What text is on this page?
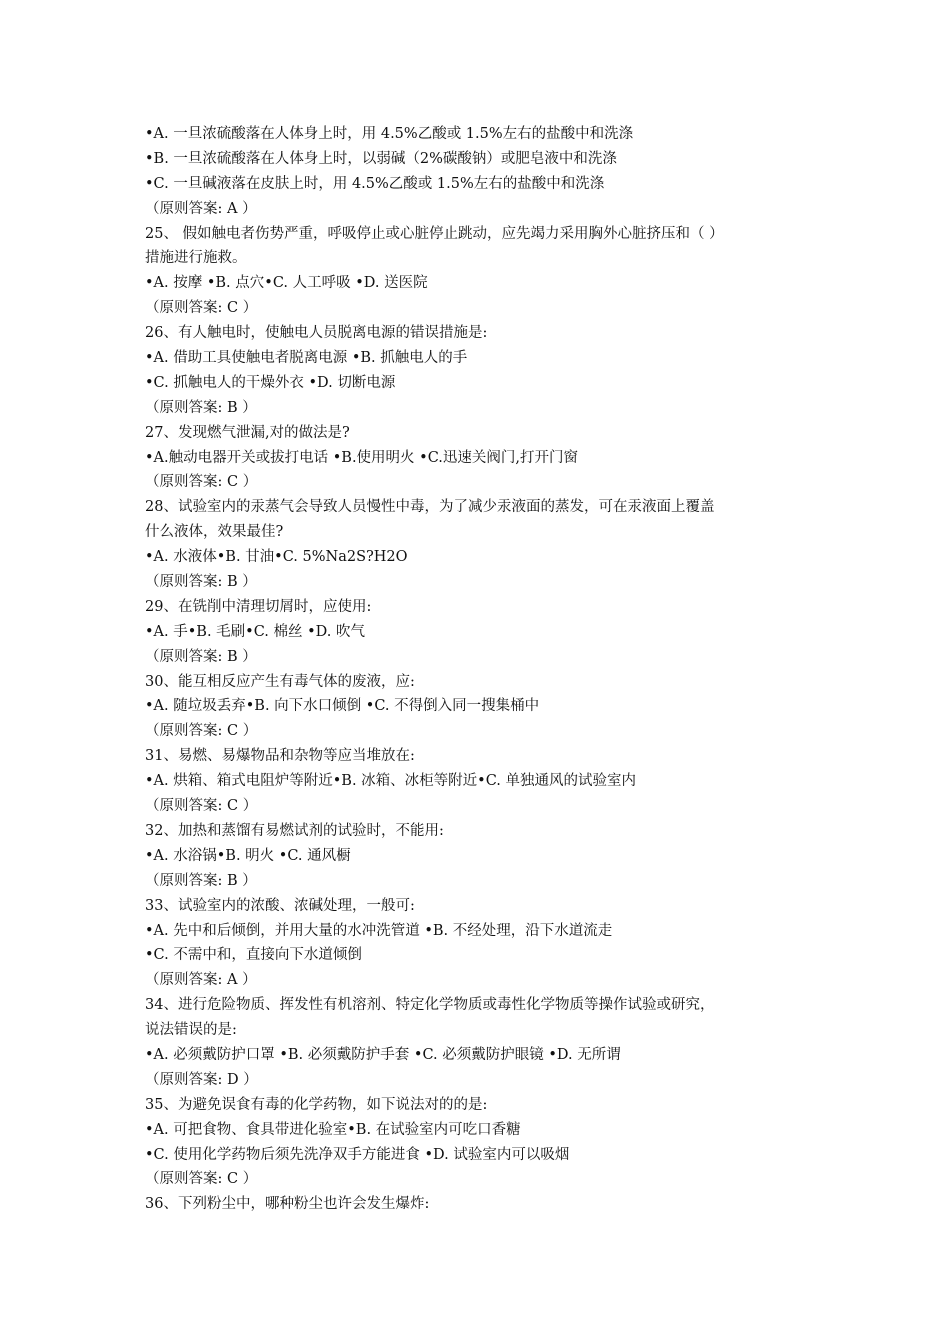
•A. 一旦浓硫酸落在人体身上时，用 4.5%乙酸或 1.5%左右的盐酸中和洗涤
•B. 一旦浓硫酸落在人体身上时，以弱碱（2%碳酸钠）或肥皂液中和洗涤
•C. 一旦碱液落在皮肤上时，用 4.5%乙酸或 1.5%左右的盐酸中和洗涤
（原则答案: A ）
25、 假如触电者伤势严重，呼吸停止或心脏停止跳动，应先竭力采用胸外心脏挤压和（ ）
措施进行施救。
•A. 按摩 •B. 点穴•C. 人工呼吸 •D. 送医院
（原则答案: C ）
26、有人触电时，使触电人员脱离电源的错误措施是:
•A. 借助工具使触电者脱离电源 •B. 抓触电人的手
•C. 抓触电人的干燥外衣 •D. 切断电源
（原则答案: B ）
27、发现燃气泄漏,对的做法是?
•A.触动电器开关或拔打电话 •B.使用明火 •C.迅速关阀门,打开门窗
（原则答案: C ）
28、试验室内的汞蒸气会导致人员慢性中毒，为了减少汞液面的蒸发，可在汞液面上覆盖
什么液体，效果最佳?
•A. 水液体•B. 甘油•C. 5%Na2S?H2O
（原则答案: B ）
29、在铣削中清理切屑时，应使用:
•A. 手•B. 毛刷•C. 棉丝 •D. 吹气
（原则答案: B ）
30、能互相反应产生有毒气体的废液，应:
•A. 随垃圾丢弃•B. 向下水口倾倒 •C. 不得倒入同一搜集桶中
（原则答案: C ）
31、易燃、易爆物品和杂物等应当堆放在:
•A. 烘箱、箱式电阻炉等附近•B. 冰箱、冰柜等附近•C. 单独通风的试验室内
（原则答案: C ）
32、加热和蒸馏有易燃试剂的试验时，不能用:
•A. 水浴锅•B. 明火 •C. 通风橱
（原则答案: B ）
33、试验室内的浓酸、浓碱处理，一般可:
•A. 先中和后倾倒，并用大量的水冲洗管道 •B. 不经处理，沿下水道流走
•C. 不需中和，直接向下水道倾倒
（原则答案: A ）
34、进行危险物质、挥发性有机溶剂、特定化学物质或毒性化学物质等操作试验或研究，
说法错误的是:
•A. 必须戴防护口罩 •B. 必须戴防护手套 •C. 必须戴防护眼镜 •D. 无所谓
（原则答案: D ）
35、为避免误食有毒的化学药物，如下说法对的的是:
•A. 可把食物、食具带进化验室•B. 在试验室内可吃口香糖
•C. 使用化学药物后须先洗净双手方能进食 •D. 试验室内可以吸烟
（原则答案: C ）
36、下列粉尘中，哪种粉尘也许会发生爆炸:
